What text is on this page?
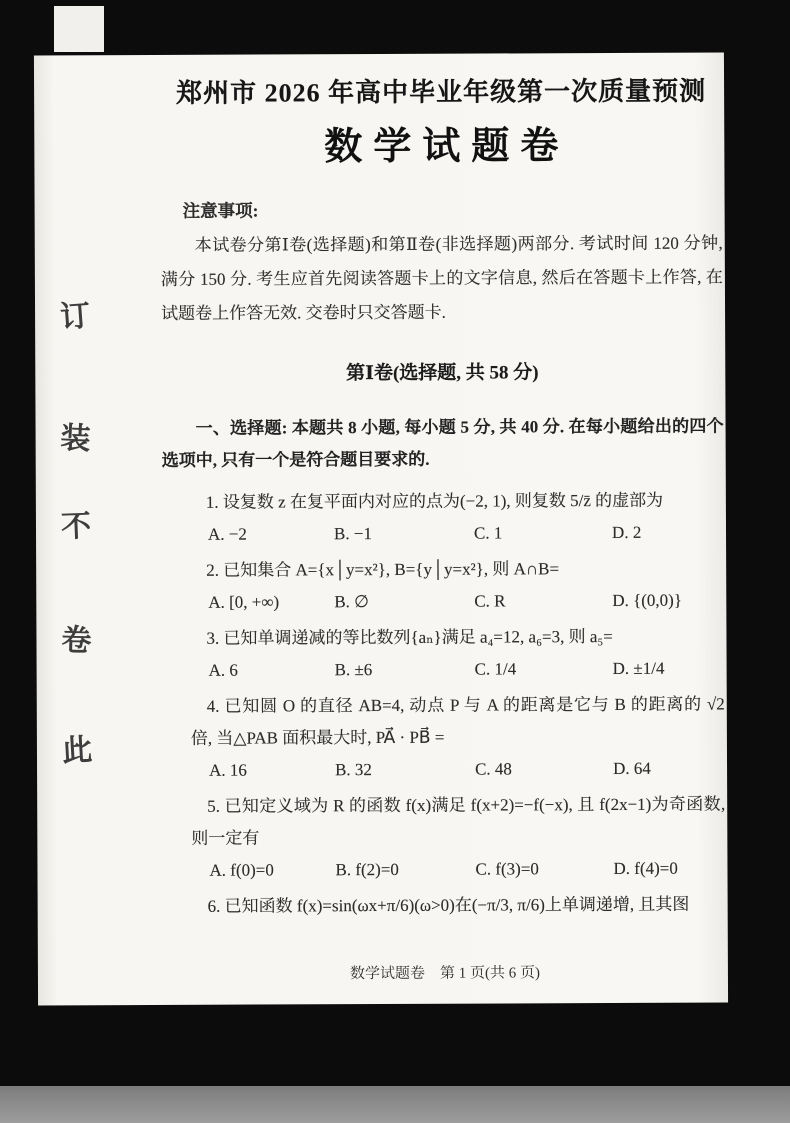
订
装
不
卷
此
郑州市 2026 年高中毕业年级第一次质量预测
数学试题卷
注意事项:

本试卷分第Ⅰ卷(选择题)和第Ⅱ卷(非选择题)两部分. 考试时间 120 分钟, 满分 150 分. 考生应首先阅读答题卡上的文字信息, 然后在答题卡上作答, 在试题卷上作答无效. 交卷时只交答题卡.

第Ⅰ卷(选择题, 共 58 分)

一、选择题: 本题共 8 小题, 每小题 5 分, 共 40 分. 在每小题给出的四个选项中, 只有一个是符合题目要求的.

1. 设复数 z 在复平面内对应的点为(−2, 1), 则复数 5/z̄ 的虚部为

A. −2	B. −1	C. 1	D. 2

2. 已知集合 A={x│y=x²}, B={y│y=x²}, 则 A∩B=

A. [0, +∞)	B. ∅	C. R	D. {(0,0)}

3. 已知单调递减的等比数列{aₙ}满足 a₄=12, a₆=3, 则 a₅=

A. 6	B. ±6	C. 1/4	D. ±1/4

4. 已知圆 O 的直径 AB=4, 动点 P 与 A 的距离是它与 B 的距离的 √2 倍, 当△PAB 面积最大时, PA⃗ · PB⃗ =

A. 16	B. 32	C. 48	D. 64

5. 已知定义域为 R 的函数 f(x)满足 f(x+2)=−f(−x), 且 f(2x−1)为奇函数, 则一定有

A. f(0)=0	B. f(2)=0	C. f(3)=0	D. f(4)=0

6. 已知函数 f(x)=sin(ωx+π/6)(ω>0)在(−π/3, π/6)上单调递增, 且其图

数学试题卷　第 1 页(共 6 页)
